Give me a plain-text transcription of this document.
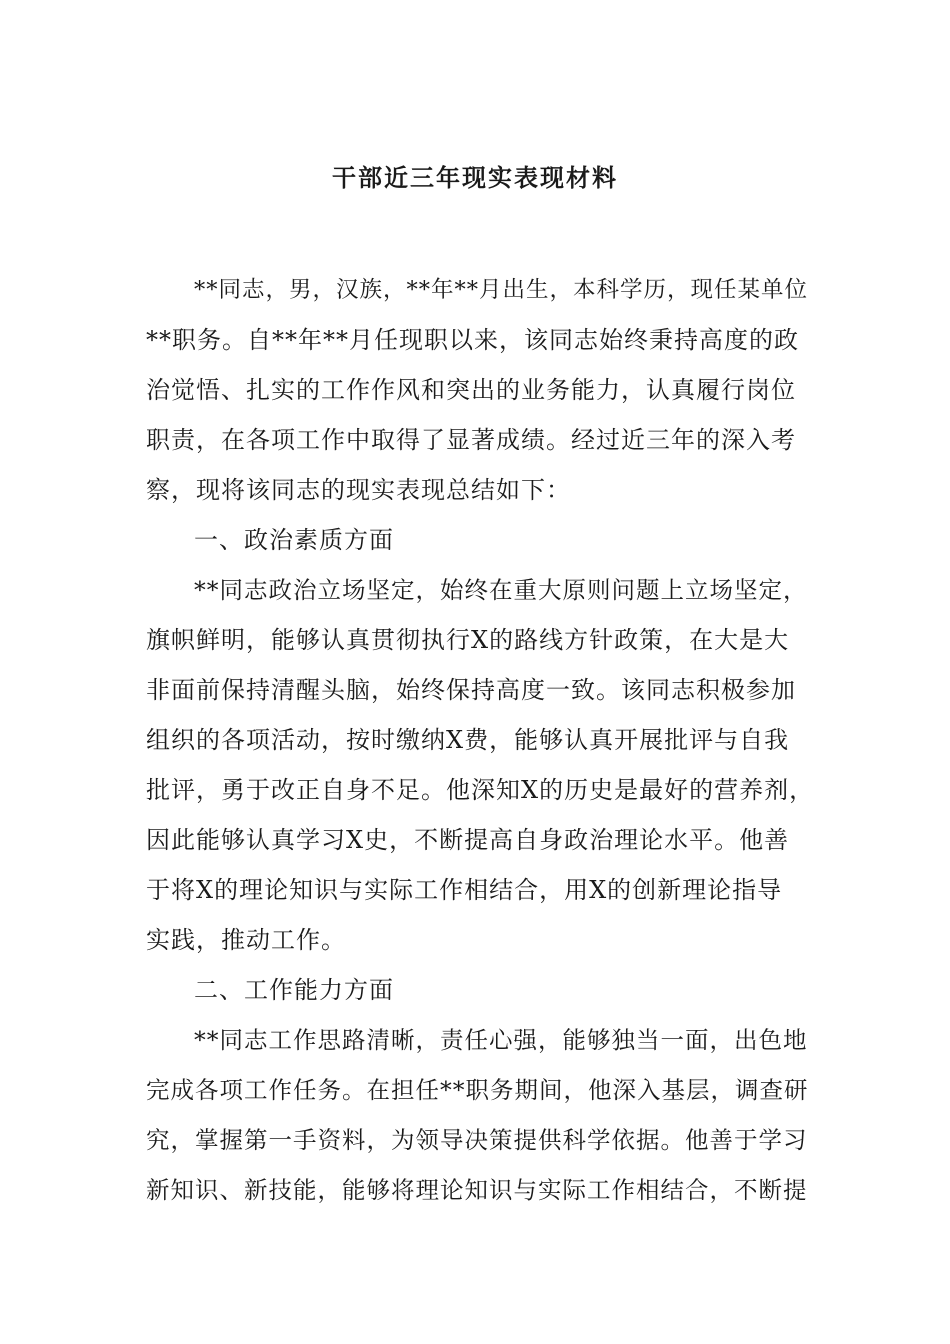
干部近三年现实表现材料
**同志，男，汉族，**年**月出生，本科学历，现任某单位
**职务。自**年**月任现职以来，该同志始终秉持高度的政
治觉悟、扎实的工作作风和突出的业务能力，认真履行岗位
职责，在各项工作中取得了显著成绩。经过近三年的深入考
察，现将该同志的现实表现总结如下：
一、政治素质方面
**同志政治立场坚定，始终在重大原则问题上立场坚定，
旗帜鲜明，能够认真贯彻执行X的路线方针政策，在大是大
非面前保持清醒头脑，始终保持高度一致。该同志积极参加
组织的各项活动，按时缴纳X费，能够认真开展批评与自我
批评，勇于改正自身不足。他深知X的历史是最好的营养剂，
因此能够认真学习X史，不断提高自身政治理论水平。他善
于将X的理论知识与实际工作相结合，用X的创新理论指导
实践，推动工作。
二、工作能力方面
**同志工作思路清晰，责任心强，能够独当一面，出色地
完成各项工作任务。在担任**职务期间，他深入基层，调查研
究，掌握第一手资料，为领导决策提供科学依据。他善于学习
新知识、新技能，能够将理论知识与实际工作相结合，不断提
